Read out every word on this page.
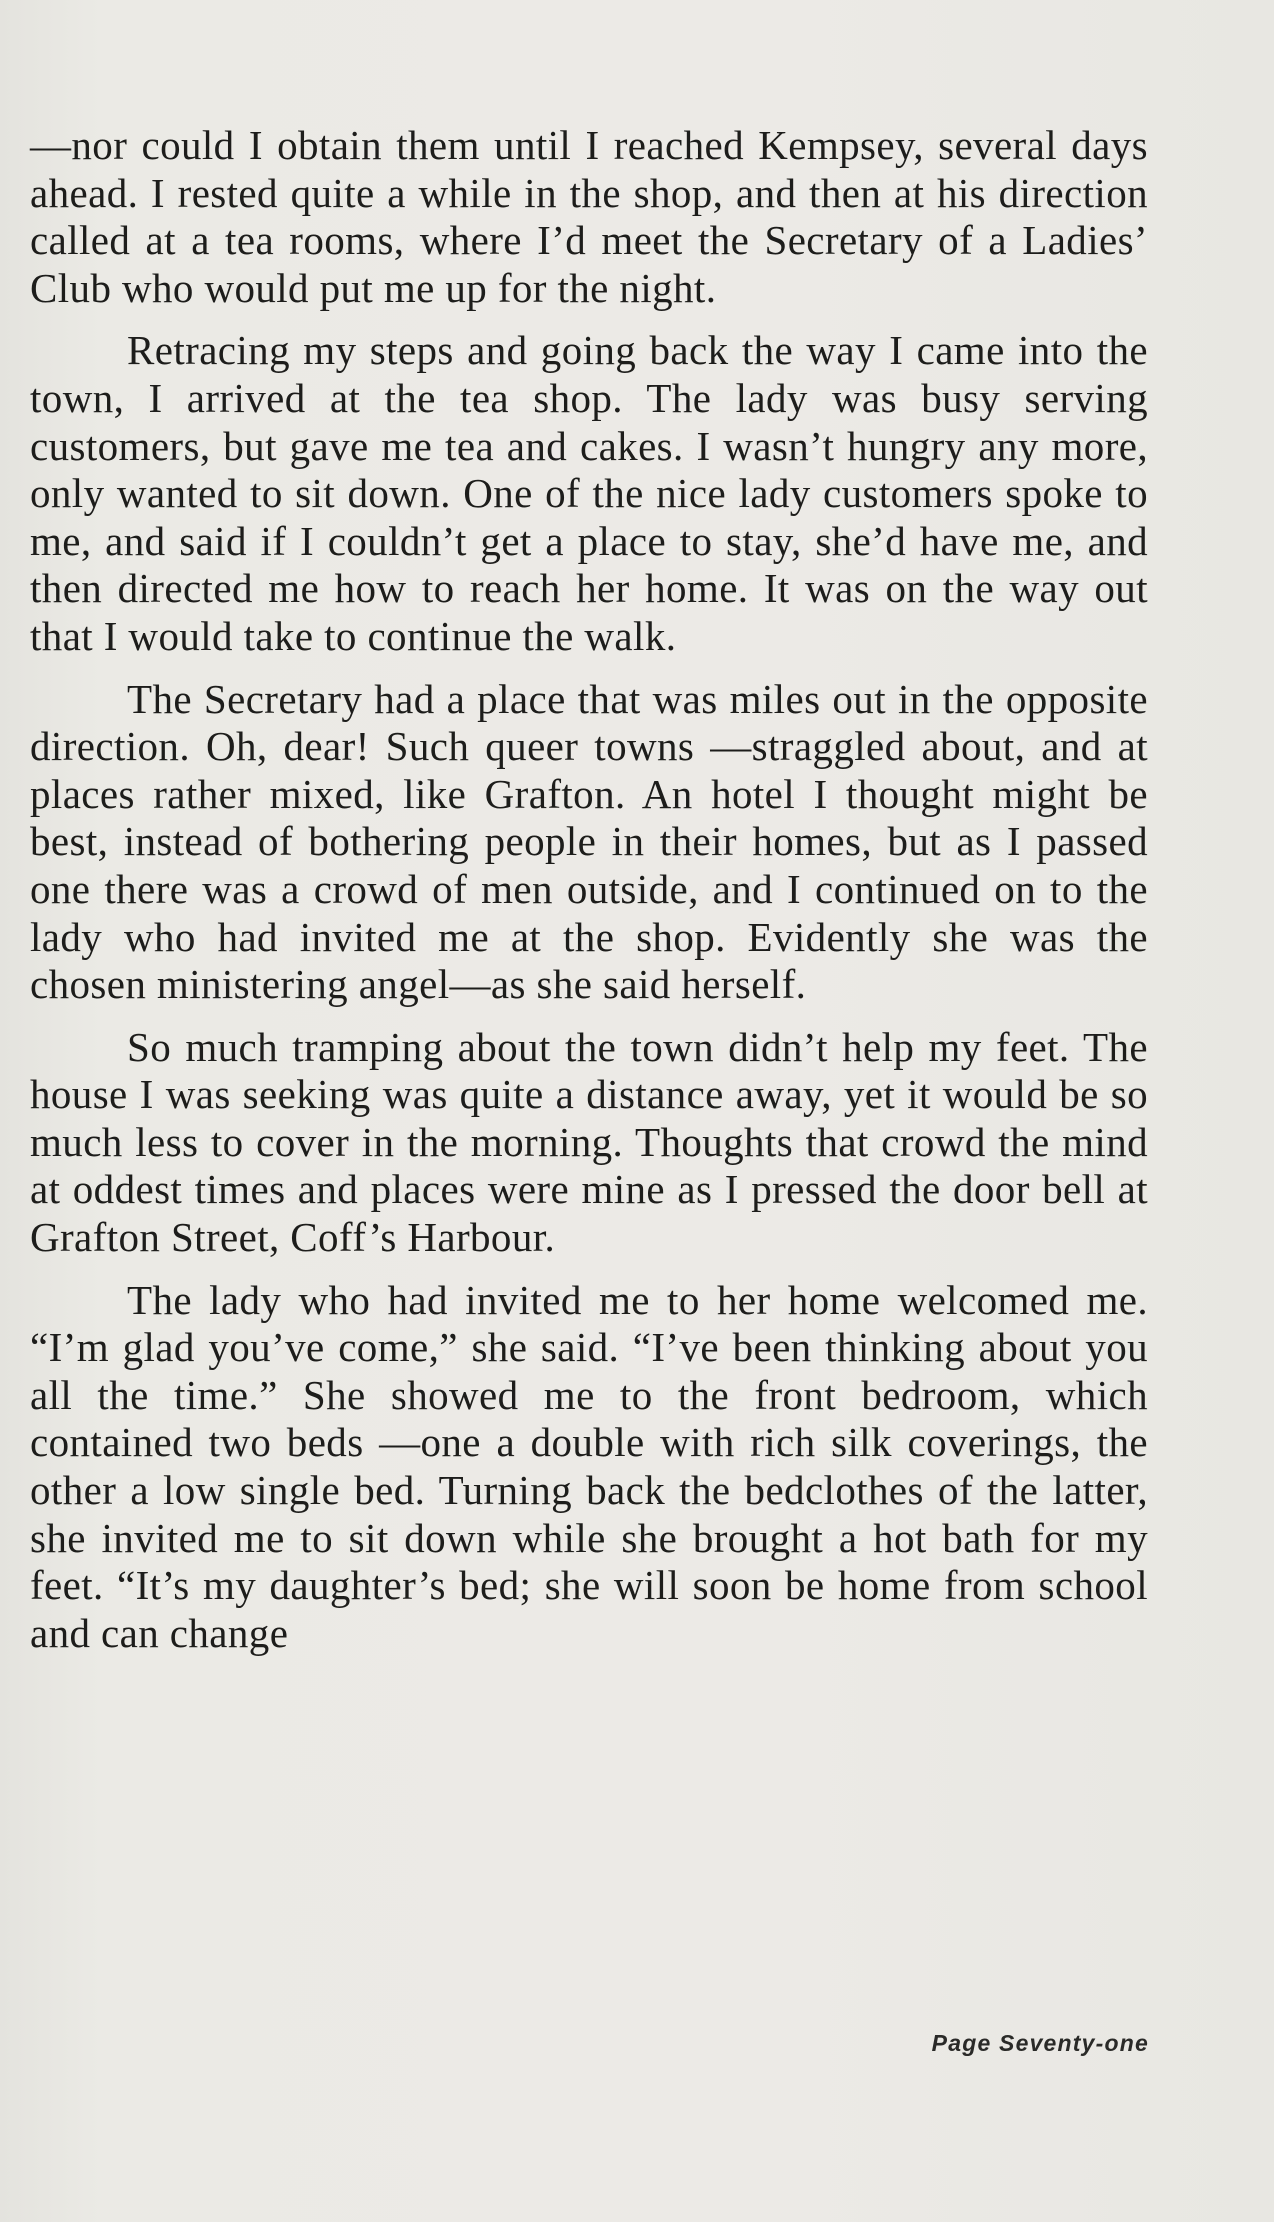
—nor could I obtain them until I reached Kempsey, several days ahead. I rested quite a while in the shop, and then at his direction called at a tea rooms, where I’d meet the Secretary of a Ladies’ Club who would put me up for the night.

Retracing my steps and going back the way I came into the town, I arrived at the tea shop. The lady was busy serving customers, but gave me tea and cakes. I wasn’t hungry any more, only wanted to sit down. One of the nice lady customers spoke to me, and said if I couldn’t get a place to stay, she’d have me, and then directed me how to reach her home. It was on the way out that I would take to continue the walk.

The Secretary had a place that was miles out in the opposite direction. Oh, dear! Such queer towns —straggled about, and at places rather mixed, like Grafton. An hotel I thought might be best, instead of bothering people in their homes, but as I passed one there was a crowd of men outside, and I continued on to the lady who had invited me at the shop. Evidently she was the chosen ministering angel—as she said herself.

So much tramping about the town didn’t help my feet. The house I was seeking was quite a distance away, yet it would be so much less to cover in the morning. Thoughts that crowd the mind at oddest times and places were mine as I pressed the door bell at Grafton Street, Coff’s Harbour.

The lady who had invited me to her home welcomed me. “I’m glad you’ve come,” she said. “I’ve been thinking about you all the time.” She showed me to the front bedroom, which contained two beds —one a double with rich silk coverings, the other a low single bed. Turning back the bedclothes of the latter, she invited me to sit down while she brought a hot bath for my feet. “It’s my daughter’s bed; she will soon be home from school and can change

Page Seventy-one
